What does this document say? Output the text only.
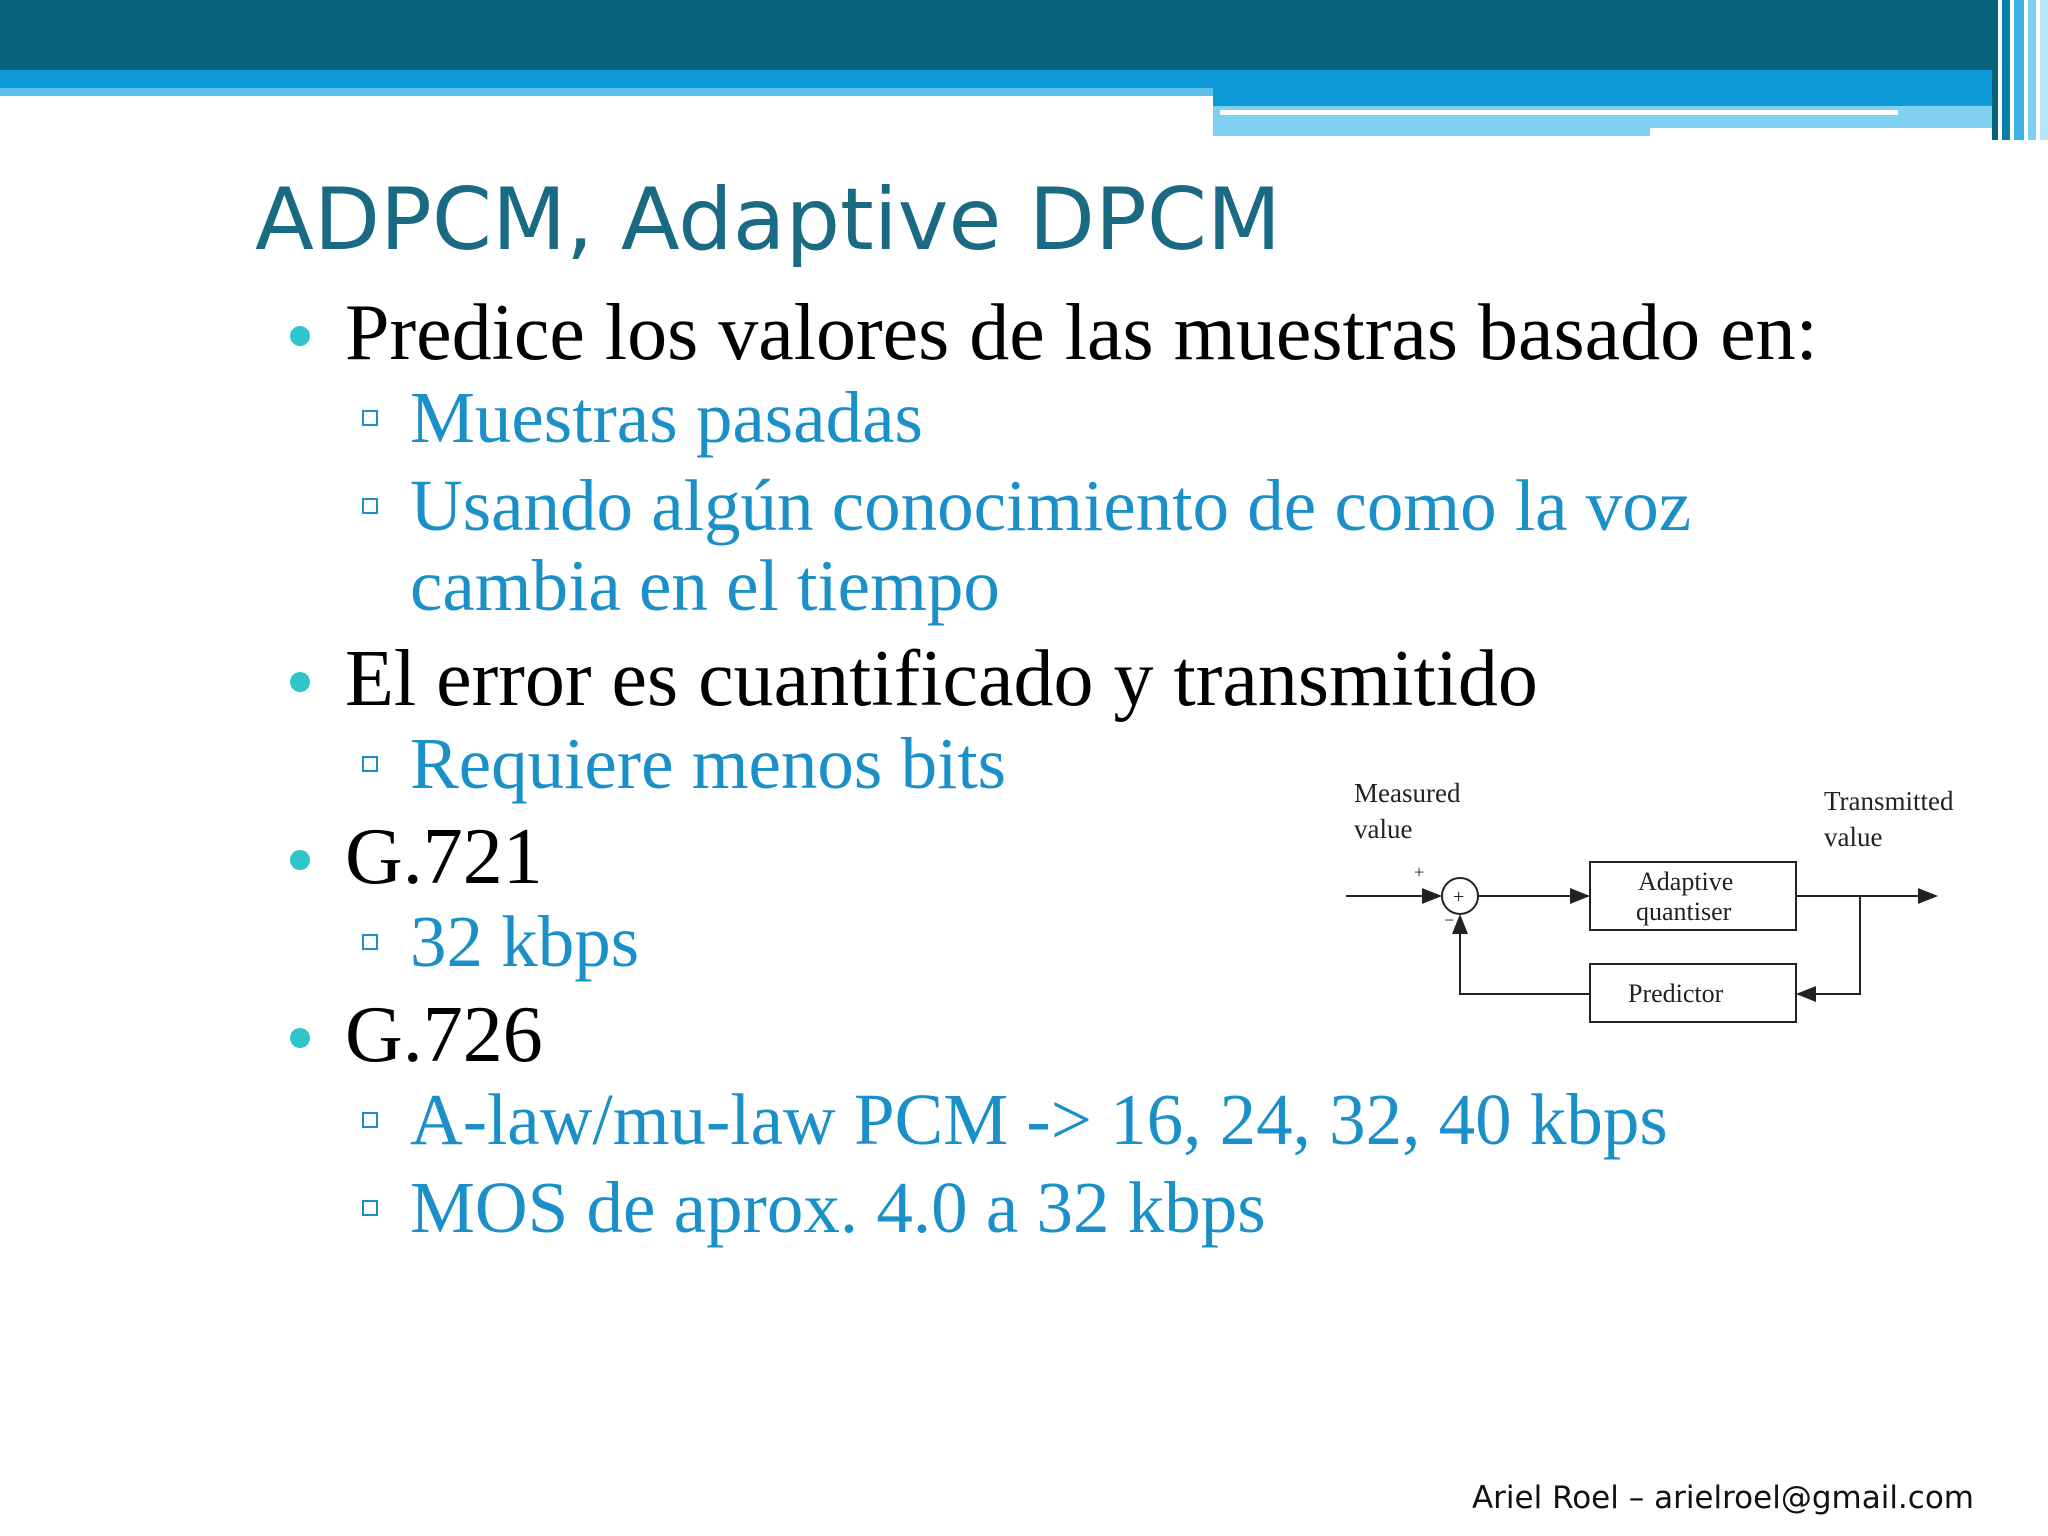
ADPCM, Adaptive DPCM
Predice los valores de las muestras basado en:
Muestras pasadas
Usando algún conocimiento de como la voz cambia en el tiempo
El error es cuantificado y transmitido
Requiere menos bits
G.721
32 kbps
G.726
A-law/mu-law PCM -> 16, 24, 32, 40 kbps
MOS de aprox. 4.0 a 32 kbps
Measured
value
Transmitted
value
+
−
+
Adaptive
quantiser
Predictor
Ariel Roel – arielroel@gmail.com
